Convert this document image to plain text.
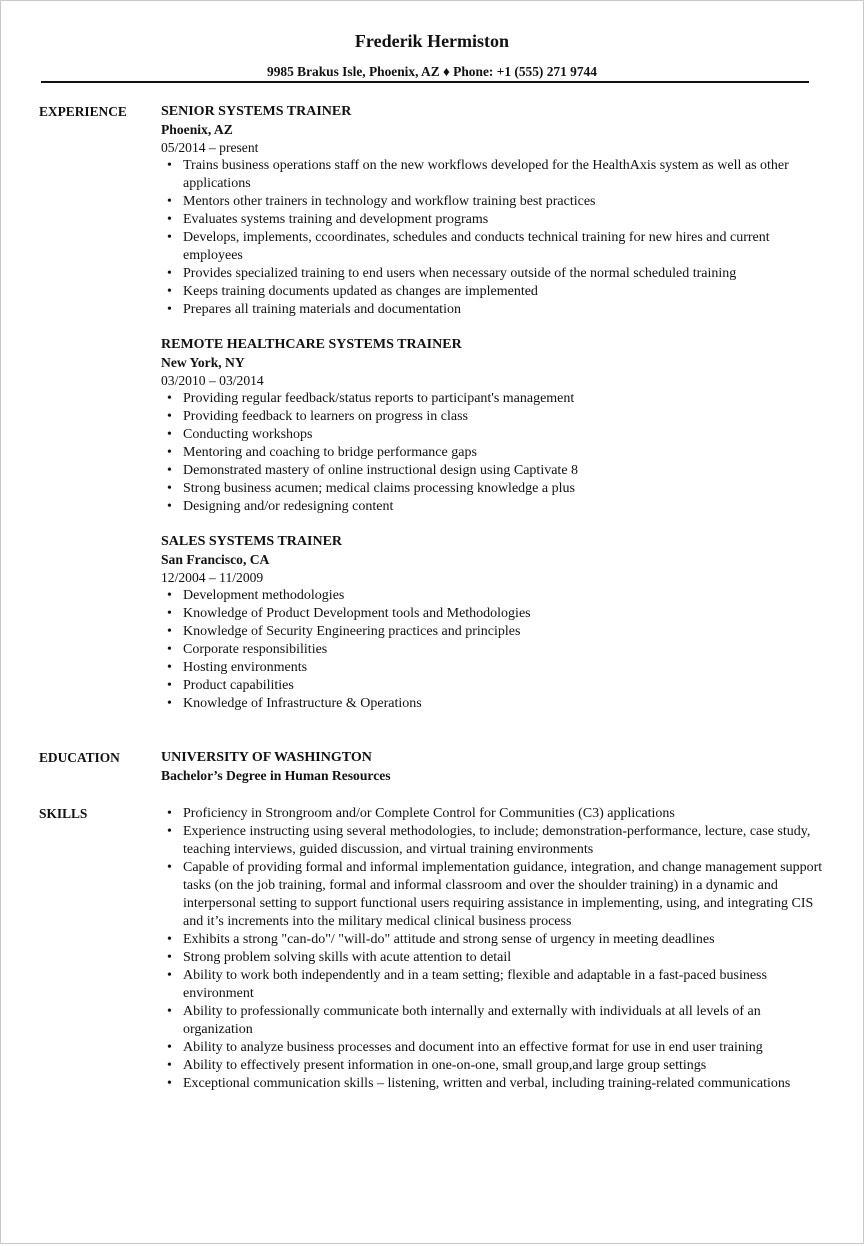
Frederik Hermiston
9985 Brakus Isle, Phoenix, AZ ♦ Phone: +1 (555) 271 9744
EXPERIENCE SENIOR SYSTEMS TRAINER
Phoenix, AZ
05/2014 – present
• Trains business operations staff on the new workflows developed for the HealthAxis system as well as other applications
• Mentors other trainers in technology and workflow training best practices
• Evaluates systems training and development programs
• Develops, implements, ccoordinates, schedules and conducts technical training for new hires and current employees
• Provides specialized training to end users when necessary outside of the normal scheduled training
• Keeps training documents updated as changes are implemented
• Prepares all training materials and documentation
REMOTE HEALTHCARE SYSTEMS TRAINER
New York, NY
03/2010 – 03/2014
• Providing regular feedback/status reports to participant's management
• Providing feedback to learners on progress in class
• Conducting workshops
• Mentoring and coaching to bridge performance gaps
• Demonstrated mastery of online instructional design using Captivate 8
• Strong business acumen; medical claims processing knowledge a plus
• Designing and/or redesigning content
SALES SYSTEMS TRAINER
San Francisco, CA
12/2004 – 11/2009
• Development methodologies
• Knowledge of Product Development tools and Methodologies
• Knowledge of Security Engineering practices and principles
• Corporate responsibilities
• Hosting environments
• Product capabilities
• Knowledge of Infrastructure & Operations
EDUCATION	UNIVERSITY OF WASHINGTON
Bachelor’s Degree in Human Resources
SKILLS
•	Proficiency in Strongroom and/or Complete Control for Communities (C3) applications
• Experience instructing using several methodologies, to include; demonstration-performance, lecture, case study, teaching interviews, guided discussion, and virtual training environments
• Capable of providing formal and informal implementation guidance, integration, and change management support tasks (on the job training, formal and informal classroom and over the shoulder training) in a dynamic and interpersonal setting to support functional users requiring assistance in implementing, using, and integrating CIS and it’s increments into the military medical clinical business process
• Exhibits a strong "can-do"/ "will-do" attitude and strong sense of urgency in meeting deadlines
• Strong problem solving skills with acute attention to detail
• Ability to work both independently and in a team setting; flexible and adaptable in a fast-paced business environment
• Ability to professionally communicate both internally and externally with individuals at all levels of an organization
• Ability to analyze business processes and document into an effective format for use in end user training
• Ability to effectively present information in one-on-one, small group,and large group settings
• Exceptional communication skills – listening, written and verbal, including training-related communications
